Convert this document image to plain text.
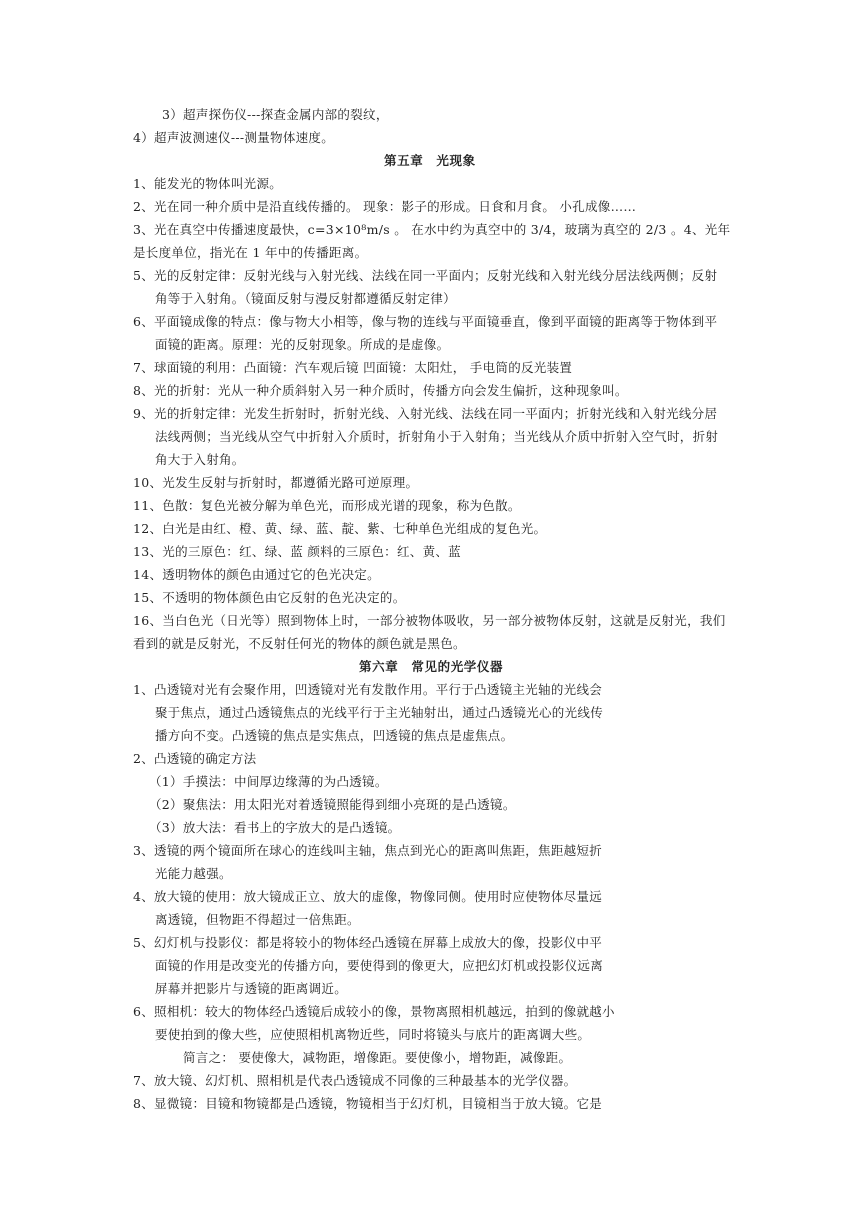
3）超声探伤仪---探查金属内部的裂纹，
4）超声波测速仪---测量物体速度。
第五章　光现象
1、能发光的物体叫光源。
2、光在同一种介质中是沿直线传播的。 现象：影子的形成。日食和月食。 小孔成像……
3、光在真空中传播速度最快，c=3×10⁸m/s 。 在水中约为真空中的 3/4，玻璃为真空的 2/3 。4、光年
是长度单位，指光在 1 年中的传播距离。
5、光的反射定律：反射光线与入射光线、法线在同一平面内；反射光线和入射光线分居法线两侧；反射
角等于入射角。（镜面反射与漫反射都遵循反射定律）
6、平面镜成像的特点：像与物大小相等，像与物的连线与平面镜垂直，像到平面镜的距离等于物体到平
面镜的距离。原理：光的反射现象。所成的是虚像。
7、球面镜的利用：凸面镜：汽车观后镜 凹面镜：太阳灶， 手电筒的反光装置
8、光的折射：光从一种介质斜射入另一种介质时，传播方向会发生偏折，这种现象叫。
9、光的折射定律：光发生折射时，折射光线、入射光线、法线在同一平面内；折射光线和入射光线分居
法线两侧；当光线从空气中折射入介质时，折射角小于入射角；当光线从介质中折射入空气时，折射
角大于入射角。
10、光发生反射与折射时，都遵循光路可逆原理。
11、色散：复色光被分解为单色光，而形成光谱的现象，称为色散。
12、白光是由红、橙、黄、绿、蓝、靛、紫、七种单色光组成的复色光。
13、光的三原色：红、绿、蓝 颜料的三原色：红、黄、蓝
14、透明物体的颜色由通过它的色光决定。
15、不透明的物体颜色由它反射的色光决定的。
16、当白色光（日光等）照到物体上时，一部分被物体吸收，另一部分被物体反射，这就是反射光，我们
看到的就是反射光，不反射任何光的物体的颜色就是黑色。
第六章　常见的光学仪器
1、凸透镜对光有会聚作用，凹透镜对光有发散作用。平行于凸透镜主光轴的光线会
聚于焦点，通过凸透镜焦点的光线平行于主光轴射出，通过凸透镜光心的光线传
播方向不变。凸透镜的焦点是实焦点，凹透镜的焦点是虚焦点。
2、凸透镜的确定方法
（1）手摸法：中间厚边缘薄的为凸透镜。
（2）聚焦法：用太阳光对着透镜照能得到细小亮斑的是凸透镜。
（3）放大法：看书上的字放大的是凸透镜。
3、透镜的两个镜面所在球心的连线叫主轴，焦点到光心的距离叫焦距，焦距越短折
光能力越强。
4、放大镜的使用：放大镜成正立、放大的虚像，物像同侧。使用时应使物体尽量远
离透镜，但物距不得超过一倍焦距。
5、幻灯机与投影仪：都是将较小的物体经凸透镜在屏幕上成放大的像，投影仪中平
面镜的作用是改变光的传播方向，要使得到的像更大，应把幻灯机或投影仪远离
屏幕并把影片与透镜的距离调近。
6、照相机：较大的物体经凸透镜后成较小的像，景物离照相机越远，拍到的像就越小
要使拍到的像大些，应使照相机离物近些，同时将镜头与底片的距离调大些。
简言之： 要使像大，减物距，增像距。要使像小，增物距，减像距。
7、放大镜、幻灯机、照相机是代表凸透镜成不同像的三种最基本的光学仪器。
8、显微镜：目镜和物镜都是凸透镜，物镜相当于幻灯机，目镜相当于放大镜。它是
